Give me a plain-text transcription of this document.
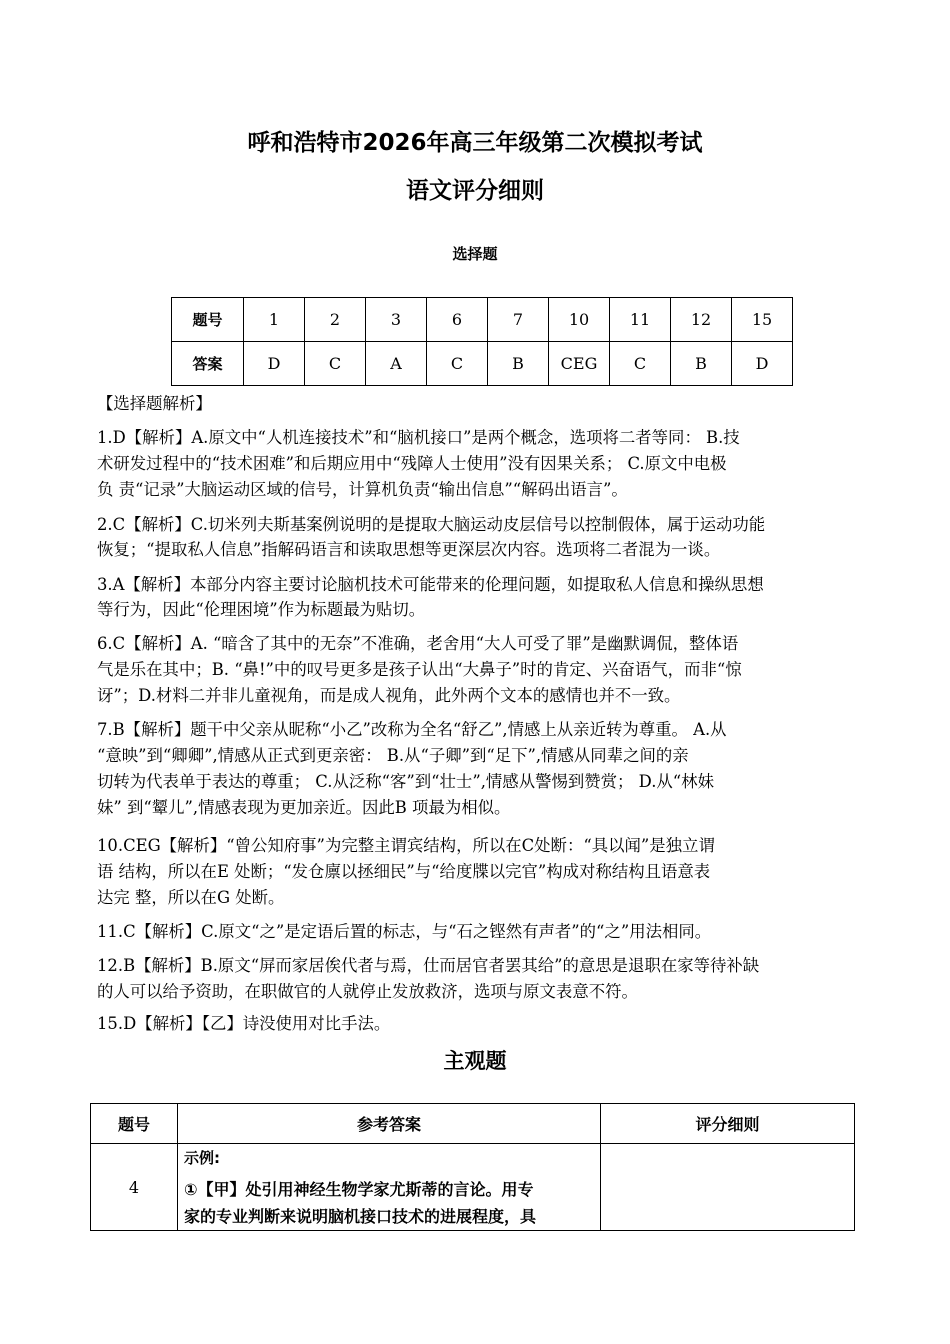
呼和浩特市2026年高三年级第二次模拟考试
语文评分细则
选择题
题号	1	2	3	6	7	10	11	12	15
答案	D	C	A	C	B	CEG	C	B	D
【选择题解析】
1.D【解析】A.原文中“人机连接技术”和“脑机接口”是两个概念，选项将二者等同： B.技
术研发过程中的“技术困难”和后期应用中“残障人士使用”没有因果关系； C.原文中电极
负 责“记录”大脑运动区域的信号，计算机负责“输出信息”“解码出语言”。
2.C【解析】C.切米列夫斯基案例说明的是提取大脑运动皮层信号以控制假体，属于运动功能
恢复；“提取私人信息”指解码语言和读取思想等更深层次内容。选项将二者混为一谈。
3.A【解析】本部分内容主要讨论脑机技术可能带来的伦理问题，如提取私人信息和操纵思想
等行为，因此“伦理困境”作为标题最为贴切。
6.C【解析】A. “暗含了其中的无奈”不准确，老舍用“大人可受了罪”是幽默调侃，整体语
气是乐在其中；B. “鼻!”中的叹号更多是孩子认出“大鼻子”时的肯定、兴奋语气，而非“惊
讶”；D.材料二并非儿童视角，而是成人视角，此外两个文本的感情也并不一致。
7.B【解析】题干中父亲从昵称“小乙”改称为全名“舒乙”,情感上从亲近转为尊重。 A.从
“意映”到“卿卿”,情感从正式到更亲密： B.从“子卿”到“足下”,情感从同辈之间的亲
切转为代表单于表达的尊重； C.从泛称“客”到“壮士”,情感从警惕到赞赏； D.从“林妹
妹” 到“颦儿”,情感表现为更加亲近。因此B 项最为相似。
10.CEG【解析】“曾公知府事”为完整主谓宾结构，所以在C处断：“具以闻”是独立谓
语 结构，所以在E 处断；“发仓廪以拯细民”与“给度牒以完官”构成对称结构且语意表
达完 整，所以在G 处断。
11.C【解析】C.原文“之”是定语后置的标志，与“石之铿然有声者”的“之”用法相同。
12.B【解析】B.原文“屏而家居俟代者与焉，仕而居官者罢其给”的意思是退职在家等待补缺
的人可以给予资助，在职做官的人就停止发放救济，选项与原文表意不符。
15.D【解析】【乙】诗没使用对比手法。
主观题
题号	参考答案	评分细则
4	示例:
①【甲】处引用神经生物学家尤斯蒂的言论。用专
家的专业判断来说明脑机接口技术的进展程度，具	
